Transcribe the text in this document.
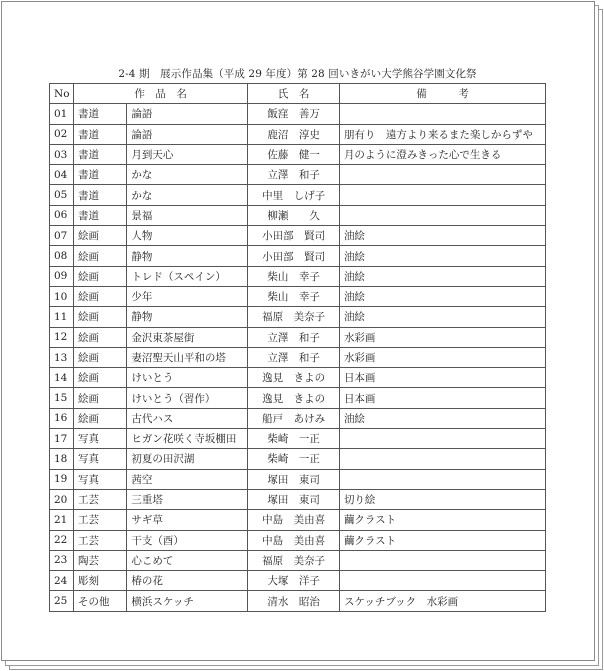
2-4 期　展示作品集（平成 29 年度）第 28 回いきがい大学熊谷学園文化祭
No	作　品　名		氏　名	備　　　考
01	書道	論語	飯窪　善万	
02	書道	論語	鹿沼　淳史	朋有り　遠方より来るまた楽しからずや
03	書道	月到天心	佐藤　健一	月のように澄みきった心で生きる
04	書道	かな	立澤　和子	
05	書道	かな	中里　しげ子	
06	書道	景福	柳瀬　　久	
07	絵画	人物	小田部　賢司	油絵
08	絵画	静物	小田部　賢司	油絵
09	絵画	トレド（スペイン）	柴山　幸子	油絵
10	絵画	少年	柴山　幸子	油絵
11	絵画	静物	福原　美奈子	油絵
12	絵画	金沢東茶屋街	立澤　和子	水彩画
13	絵画	妻沼聖天山平和の塔	立澤　和子	水彩画
14	絵画	けいとう	逸見　きよの	日本画
15	絵画	けいとう（習作）	逸見　きよの	日本画
16	絵画	古代ハス	船戸　あけみ	油絵
17	写真	ヒガン花咲く寺坂棚田	柴崎　一正	
18	写真	初夏の田沢湖	柴崎　一正	
19	写真	茜空	塚田　東司	
20	工芸	三重塔	塚田　東司	切り絵
21	工芸	サギ草	中島　美由喜	繭クラスト
22	工芸	干支（酉）	中島　美由喜	繭クラスト
23	陶芸	心こめて	福原　美奈子	
24	彫刻	椿の花	大塚　洋子	
25	その他	横浜スケッチ	清水　昭治	スケッチブック　水彩画
